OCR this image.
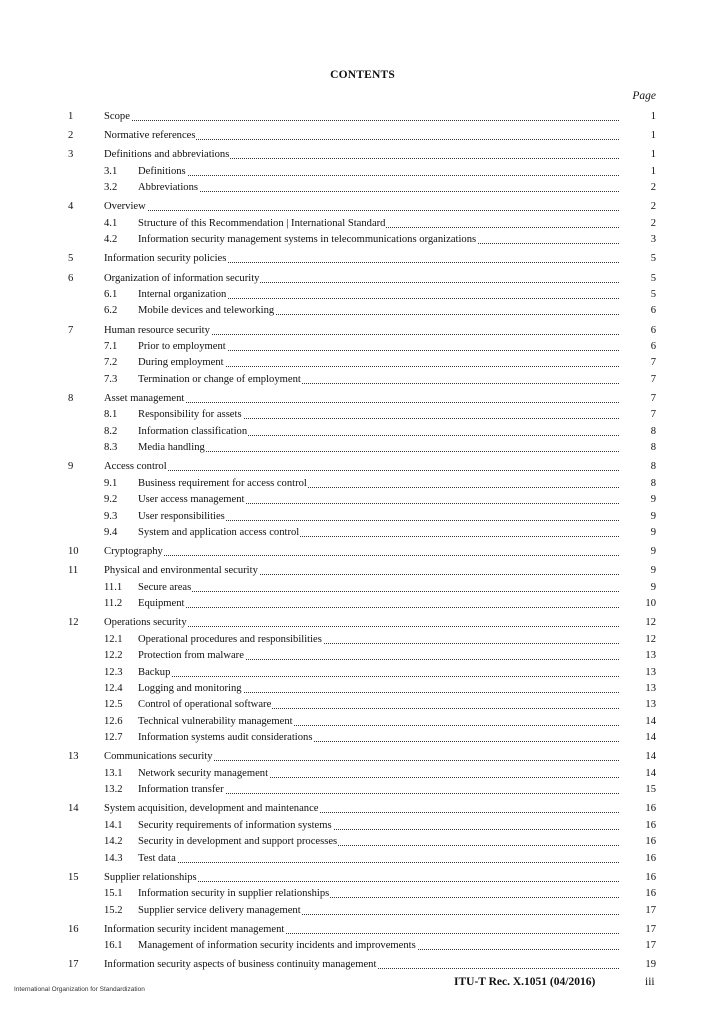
CONTENTS
Page
1	Scope	1
2	Normative references	1
3	Definitions and abbreviations	1
3.1 Definitions	1
3.2 Abbreviations	2
4	Overview	2
4.1 Structure of this Recommendation | International Standard	2
4.2 Information security management systems in telecommunications organizations	3
5	Information security policies	5
6	Organization of information security	5
6.1 Internal organization	5
6.2 Mobile devices and teleworking	6
7	Human resource security	6
7.1 Prior to employment	6
7.2 During employment	7
7.3 Termination or change of employment	7
8	Asset management	7
8.1 Responsibility for assets	7
8.2 Information classification	8
8.3 Media handling	8
9	Access control	8
9.1 Business requirement for access control	8
9.2 User access management	9
9.3 User responsibilities	9
9.4 System and application access control	9
10 Cryptography	9
11 Physical and environmental security	9
11.1 Secure areas	9
11.2 Equipment	10
12 Operations security	12
12.1 Operational procedures and responsibilities	12
12.2 Protection from malware	13
12.3 Backup	13
12.4 Logging and monitoring	13
12.5 Control of operational software	13
12.6 Technical vulnerability management	14
12.7 Information systems audit considerations	14
13 Communications security	14
13.1 Network security management	14
13.2 Information transfer	15
14 System acquisition, development and maintenance	16
14.1 Security requirements of information systems	16
14.2 Security in development and support processes	16
14.3 Test data	16
15 Supplier relationships	16
15.1 Information security in supplier relationships	16
15.2 Supplier service delivery management	17
16 Information security incident management	17
16.1 Management of information security incidents and improvements	17
17 Information security aspects of business continuity management	19
ITU-T Rec. X.1051 (04/2016)	iii
International Organization for Standardization
